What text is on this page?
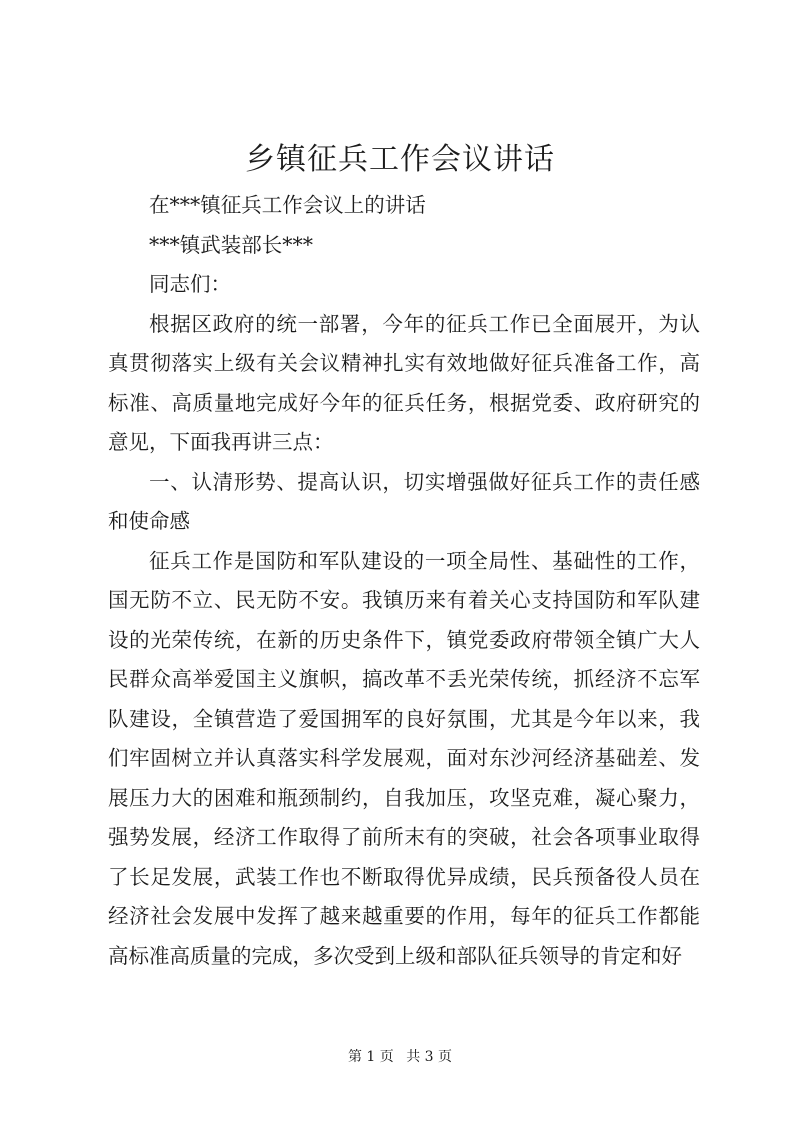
乡镇征兵工作会议讲话

在***镇征兵工作会议上的讲话

***镇武装部长***

同志们：

根据区政府的统一部署，今年的征兵工作已全面展开，为认真贯彻落实上级有关会议精神扎实有效地做好征兵准备工作，高标准、高质量地完成好今年的征兵任务，根据党委、政府研究的意见，下面我再讲三点：

一、认清形势、提高认识，切实增强做好征兵工作的责任感和使命感

征兵工作是国防和军队建设的一项全局性、基础性的工作，国无防不立、民无防不安。我镇历来有着关心支持国防和军队建设的光荣传统，在新的历史条件下，镇党委政府带领全镇广大人民群众高举爱国主义旗帜，搞改革不丢光荣传统，抓经济不忘军队建设，全镇营造了爱国拥军的良好氛围，尤其是今年以来，我们牢固树立并认真落实科学发展观，面对东沙河经济基础差、发展压力大的困难和瓶颈制约，自我加压，攻坚克难，凝心聚力，强势发展，经济工作取得了前所末有的突破，社会各项事业取得了长足发展，武装工作也不断取得优异成绩，民兵预备役人员在经济社会发展中发挥了越来越重要的作用，每年的征兵工作都能高标准高质量的完成，多次受到上级和部队征兵领导的肯定和好

第 1 页 共 3 页
